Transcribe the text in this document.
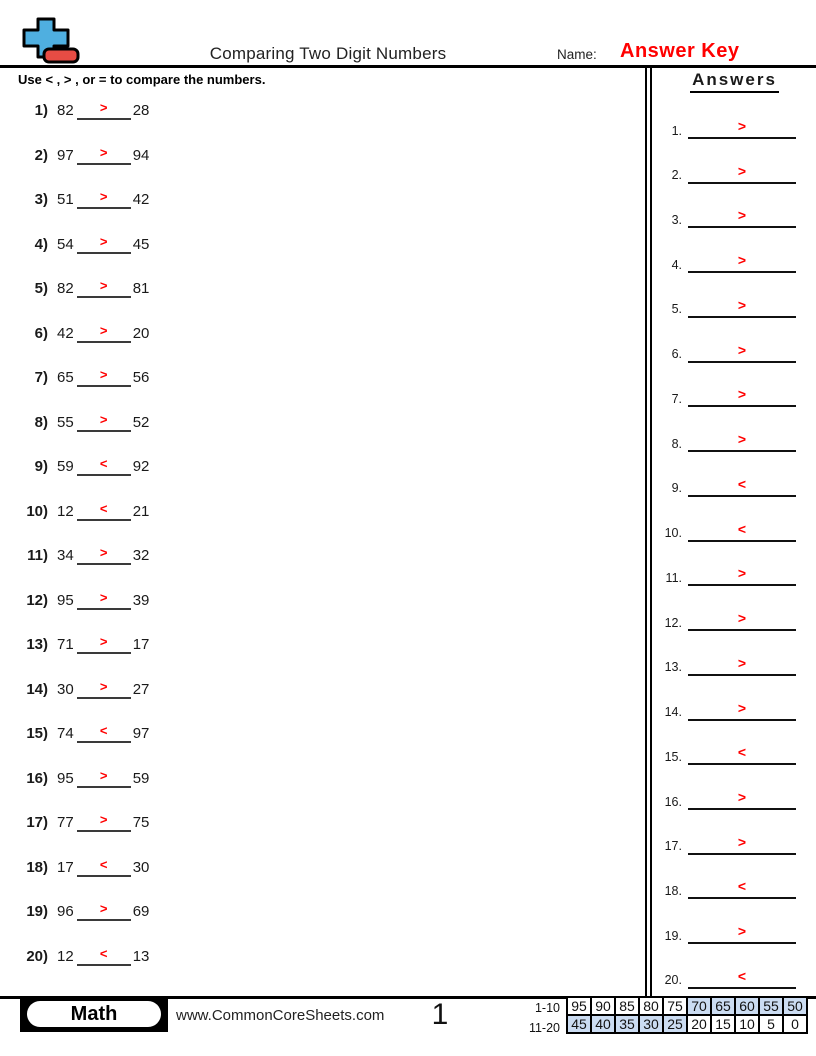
Comparing Two Digit Numbers	Name: Answer Key
Use < , > , or = to compare the numbers.
1) 82	>	28
2) 97	>	94
3) 51	>	42
4) 54	>	45
5) 82	>	81
6) 42	>	20
7) 65	>	56
8) 55	>	52
9) 59	<	92
10) 12	<	21
11) 34	>	32
12) 95	>	39
13) 71	>	17
14) 30	>	27
15) 74	<	97
16) 95	>	59
17) 77	>	75
18) 17	<	30
19) 96	>	69
20) 12	<	13
Answers
1.	>
2.	>
3.	>
4.	>
5.	>
6.	>
7.	>
8.	>
9.	<
10.	<
11.	>
12.	>
13.	>
14.	>
15.	<
16.	>
17.	>
18.	<
19.	>
20.	<
Math	www.CommonCoreSheets.com	1	1-10
11-20
95	90	85	80	75	70	65	60	55	50
45	40	35	30	25	20	15	10	5	0
